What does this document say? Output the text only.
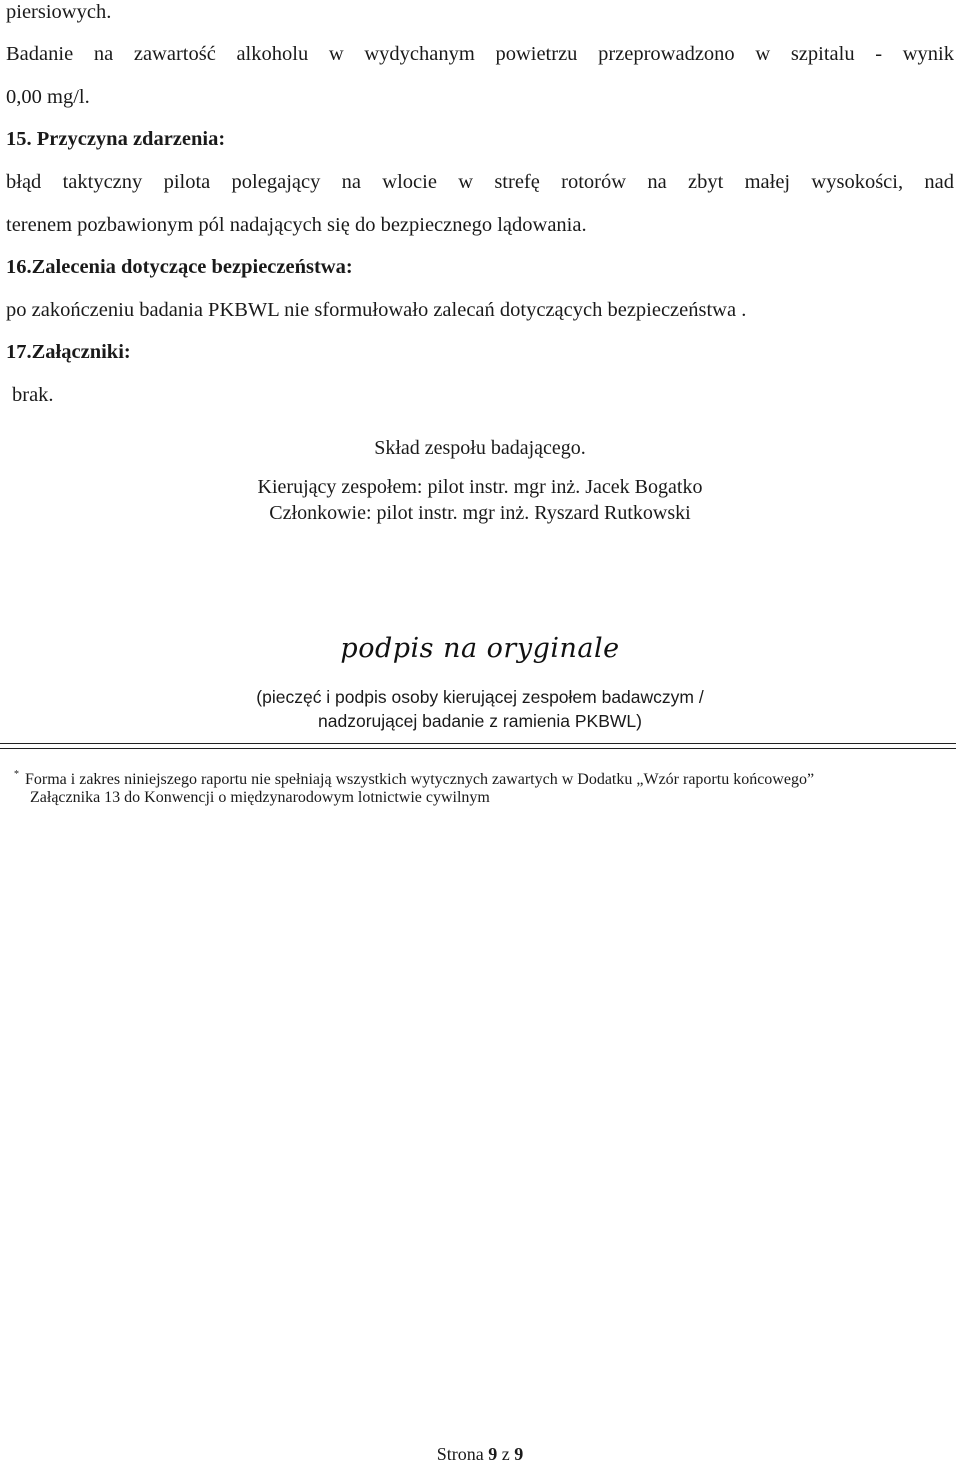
piersiowych.
Badanie na zawartość alkoholu w wydychanym powietrzu przeprowadzono w szpitalu - wynik
0,00 mg/l.
15. Przyczyna zdarzenia:
błąd taktyczny pilota polegający na wlocie w strefę rotorów na zbyt małej wysokości, nad
terenem pozbawionym pól nadających się do bezpiecznego lądowania.
16.Zalecenia dotyczące bezpieczeństwa:
po zakończeniu badania PKBWL nie sformułowało zalecań dotyczących bezpieczeństwa .
17.Załączniki:
brak.
Skład zespołu badającego.
Kierujący zespołem: pilot instr. mgr inż. Jacek Bogatko
Członkowie: pilot instr. mgr inż. Ryszard Rutkowski
podpis na oryginale
(pieczęć i podpis osoby kierującej zespołem badawczym /
nadzorującej badanie z ramienia PKBWL)
* Forma i zakres niniejszego raportu nie spełniają wszystkich wytycznych zawartych w Dodatku „Wzór raportu końcowego”
Załącznika 13 do Konwencji o międzynarodowym lotnictwie cywilnym
Strona 9 z 9
